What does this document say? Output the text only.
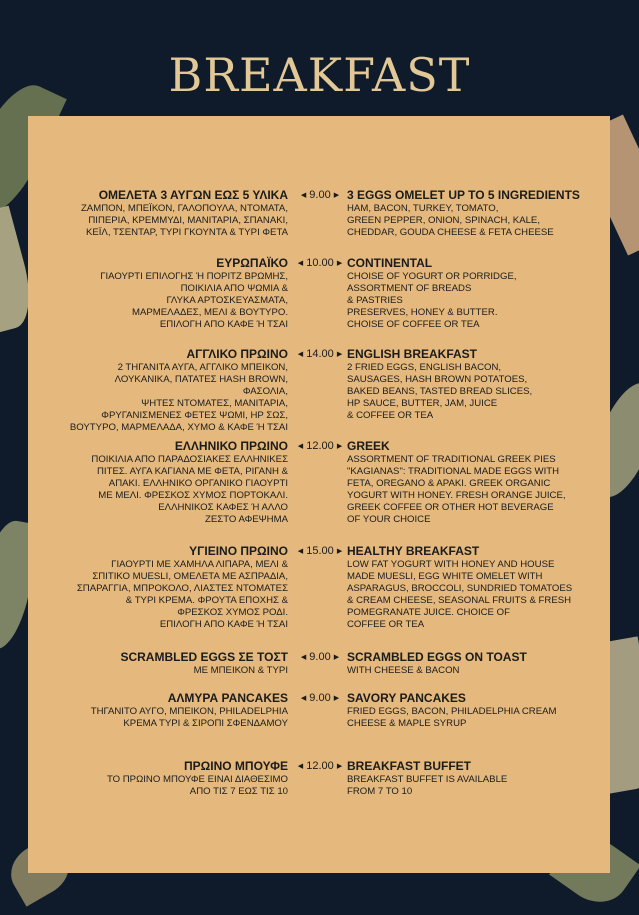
BREAKFAST
ΟΜΕΛΕΤΑ 3 ΑΥΓΩΝ ΕΩΣ 5 ΥΛΙΚΑ
ΖΑΜΠΟΝ, ΜΠΕΪΚΟΝ, ΓΑΛΟΠΟΥΛΑ, ΝΤΟΜΑΤΑ,
ΠΙΠΕΡΙΑ, ΚΡΕΜΜΥΔΙ, ΜΑΝΙΤΑΡΙΑ, ΣΠΑΝΑΚΙ,
ΚΕΪΛ, ΤΣΕΝΤΑΡ, ΤΥΡΙ ΓΚΟΥΝΤΑ & ΤΥΡΙ ΦΕΤΑ
◀ 9.00 ▶ 3 EGGS OMELET UP TO 5 INGREDIENTS
HAM, BACON, TURKEY, TOMATO,
GREEN PEPPER, ONION, SPINACH, KALE,
CHEDDAR, GOUDA CHEESE & FETA CHEESE
ΕΥΡΩΠΑΪΚΟ
ΓΙΑΟΥΡΤΙ ΕΠΙΛΟΓΗΣ Ή ΠΟΡΙΤΖ ΒΡΩΜΗΣ,
ΠΟΙΚΙΛΙΑ ΑΠΟ ΨΩΜΙΑ &
ΓΛΥΚΑ ΑΡΤΟΣΚΕΥΑΣΜΑΤΑ,
ΜΑΡΜΕΛΑΔΕΣ, ΜΕΛΙ & ΒΟΥΤΥΡΟ.
ΕΠΙΛΟΓΗ ΑΠΟ ΚΑΦΕ Ή ΤΣΑΙ
◀ 10.00 ▶ CONTINENTAL
CHOISE OF YOGURT OR PORRIDGE,
ASSORTMENT OF BREADS
& PASTRIES
PRESERVES, HONEY & BUTTER.
CHOISE OF COFFEE OR TEA
ΑΓΓΛΙΚΟ ΠΡΩΙΝΟ
2 ΤΗΓΑΝΙΤΑ ΑΥΓΑ, ΑΓΓΛΙΚΟ ΜΠΕΙΚΟΝ,
ΛΟΥΚΑΝΙΚΑ, ΠΑΤΑΤΕΣ HASH BROWN, ΦΑΣΟΛΙΑ,
ΨΗΤΕΣ ΝΤΟΜΑΤΕΣ, ΜΑΝΙΤΑΡΙΑ,
ΦΡΥΓΑΝΙΣΜΕΝΕΣ ΦΕΤΕΣ ΨΩΜΙ, HP ΣΩΣ,
ΒΟΥΤΥΡΟ, ΜΑΡΜΕΛΑΔΑ, ΧΥΜΟ & ΚΑΦΕ Ή ΤΣΑΙ
◀ 14.00 ▶ ENGLISH BREAKFAST
2 FRIED EGGS, ENGLISH BACON,
SAUSAGES, HASH BROWN POTATOES,
BAKED BEANS, TASTED BREAD SLICES,
HP SAUCE, BUTTER, JAM, JUICE
& COFFEE OR TEA
ΕΛΛΗΝΙΚΟ ΠΡΩΙΝΟ
ΠΟΙΚΙΛΙΑ ΑΠΟ ΠΑΡΑΔΟΣΙΑΚΕΣ ΕΛΛΗΝΙΚΕΣ
ΠΙΤΕΣ. ΑΥΓΑ ΚΑΓΙΑΝΑ ΜΕ ΦΕΤΑ, ΡΙΓΑΝΗ &
ΑΠΑΚΙ. ΕΛΛΗΝΙΚΟ ΟΡΓΑΝΙΚΟ ΓΙΑΟΥΡΤΙ
ΜΕ ΜΕΛΙ. ΦΡΕΣΚΟΣ ΧΥΜΟΣ ΠΟΡΤΟΚΑΛΙ.
ΕΛΛΗΝΙΚΟΣ ΚΑΦΕΣ Ή ΑΛΛΟ
ΖΕΣΤΟ ΑΦΕΨΗΜΑ
◀ 12.00 ▶ GREEK
ASSORTMENT OF TRADITIONAL GREEK PIES
"KAGIANAS": TRADITIONAL MADE EGGS WITH
FETA, OREGANO & APAKI. GREEK ORGANIC
YOGURT WITH HONEY. FRESH ORANGE JUICE,
GREEK COFFEE OR OTHER HOT BEVERAGE
OF YOUR CHOICE
ΥΓΙΕΙΝΟ ΠΡΩΙΝΟ
ΓΙΑΟΥΡΤΙ ΜΕ ΧΑΜΗΛΑ ΛΙΠΑΡΑ, ΜΕΛΙ &
ΣΠΙΤΙΚΟ MUESLI, ΟΜΕΛΕΤΑ ΜΕ ΑΣΠΡΑΔΙΑ,
ΣΠΑΡΑΓΓΙΑ, ΜΠΡΟΚΟΛΟ, ΛΙΑΣΤΕΣ ΝΤΟΜΑΤΕΣ
& ΤΥΡΙ ΚΡΕΜΑ. ΦΡΟΥΤΑ ΕΠΟΧΗΣ &
ΦΡΕΣΚΟΣ ΧΥΜΟΣ ΡΟΔΙ.
ΕΠΙΛΟΓΗ ΑΠΟ ΚΑΦΕ Ή ΤΣΑΙ
◀ 15.00 ▶ HEALTHY BREAKFAST
LOW FAT YOGURT WITH HONEY AND HOUSE
MADE MUESLI, EGG WHITE OMELET WITH
ASPARAGUS, BROCCOLI, SUNDRIED TOMATOES
& CREAM CHEESE, SEASONAL FRUITS & FRESH
POMEGRANATE JUICE. CHOICE OF
COFFEE OR TEA
SCRAMBLED EGGS ΣΕ ΤΟΣΤ
ΜΕ ΜΠΕΙΚΟΝ & ΤΥΡΙ
◀ 9.00 ▶ SCRAMBLED EGGS ON TOAST
WITH CHEESE & BACON
ΑΛΜΥΡΑ PANCAKES
ΤΗΓΑΝΙΤΟ ΑΥΓΟ, ΜΠΕΙΚΟΝ, PHILADELPHIA
ΚΡΕΜΑ ΤΥΡΙ & ΣΙΡΟΠΙ ΣΦΕΝΔΑΜΟΥ
◀ 9.00 ▶ SAVORY PANCAKES
FRIED EGGS, BACON, PHILADELPHIA CREAM
CHEESE & MAPLE SYRUP
ΠΡΩΙΝΟ ΜΠΟΥΦΕ
ΤΟ ΠΡΩΙΝΟ ΜΠΟΥΦΕ ΕΙΝΑΙ ΔΙΑΘΕΣΙΜΟ
ΑΠΟ ΤΙΣ 7 ΕΩΣ ΤΙΣ 10
◀ 12.00 ▶ BREAKFAST BUFFET
BREAKFAST BUFFET IS AVAILABLE
FROM 7 TO 10
